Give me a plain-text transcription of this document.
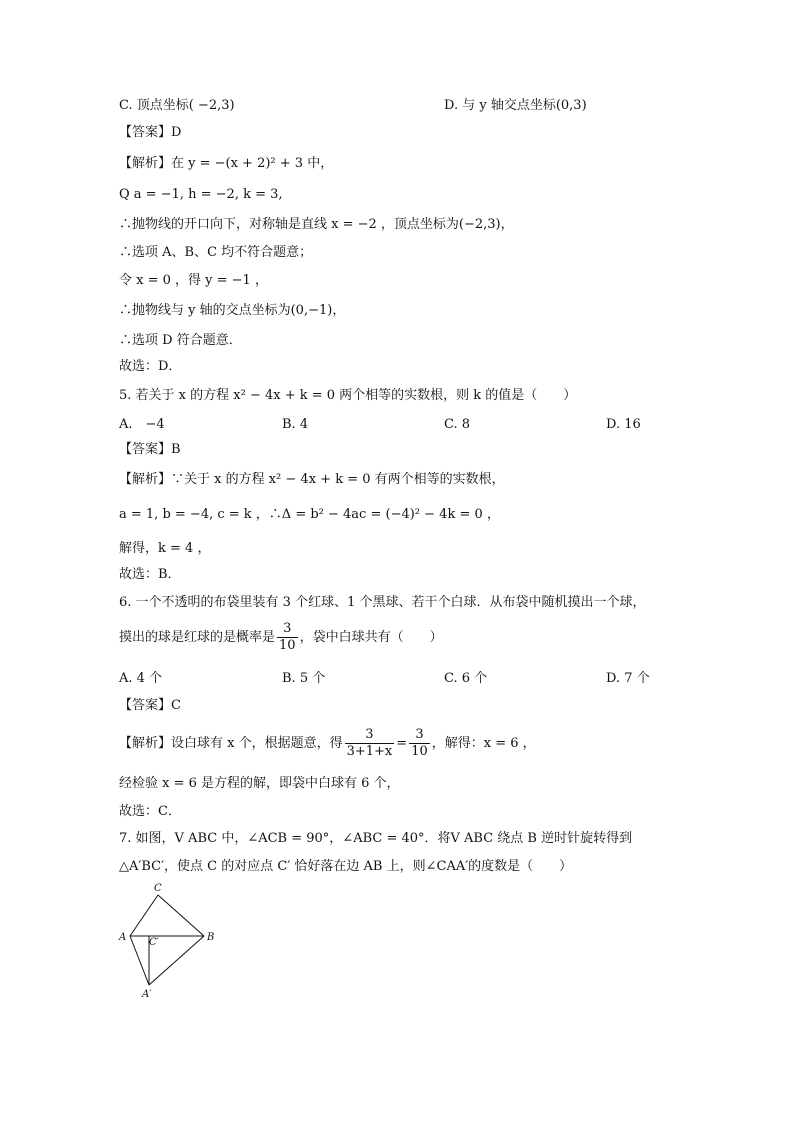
C. 顶点坐标( −2,3)	D. 与 y 轴交点坐标(0,3)
【答案】D
【解析】在 y = −(x + 2)² + 3 中，
Q a = −1, h = −2, k = 3,
∴抛物线的开口向下，对称轴是直线 x = −2 ，顶点坐标为(−2,3)，
∴选项 A、B、C 均不符合题意；
令 x = 0 ，得 y = −1 ，
∴抛物线与 y 轴的交点坐标为(0,−1)，
∴选项 D 符合题意．
故选：D．
5. 若关于 x 的方程 x² − 4x + k = 0 两个相等的实数根，则 k 的值是（　　）
A.　−4	B. 4	C. 8	D. 16
【答案】B
【解析】∵关于 x 的方程 x² − 4x + k = 0 有两个相等的实数根，
a = 1, b = −4, c = k ，∴Δ = b² − 4ac = (−4)² − 4k = 0 ，
解得，k = 4 ，
故选：B．
6. 一个不透明的布袋里装有 3 个红球、1 个黑球、若干个白球．从布袋中随机摸出一个球，
摸出的球是红球的是概率是 $\frac{3}{10}$ ，袋中白球共有（　　）
A. 4 个	B. 5 个	C. 6 个	D. 7 个
【答案】C
【解析】设白球有 x 个，根据题意，得 $\frac{3}{3+1+x} = \frac{3}{10}$ ，解得：x = 6 ，
经检验 x = 6 是方程的解，即袋中白球有 6 个，
故选：C．
7. 如图，V ABC 中，∠ACB = 90°，∠ABC = 40°．将V ABC 绕点 B 逆时针旋转得到
△A′BC′，使点 C 的对应点 C′ 恰好落在边 AB 上，则∠CAA′的度数是（　　）
C
A C′	B
A′
